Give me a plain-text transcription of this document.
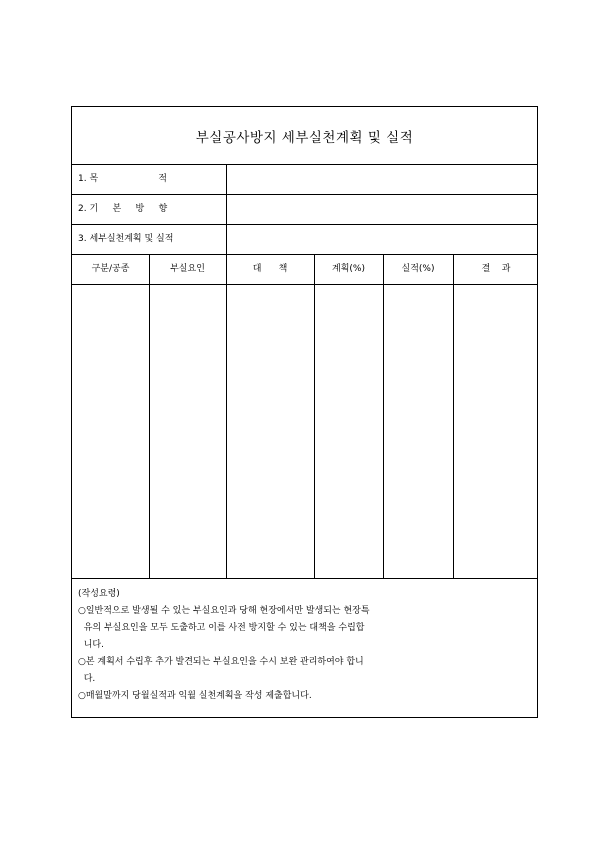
부실공사방지 세부실천계획 및 실적
1. 목                     적
2. 기     본     방     향
3. 세부실천계획 및 실적
구분/공종	부실요인	대      책	계획(%)	실적(%)	결    과
(작성요령)
○일반적으로 발생될 수 있는 부실요인과 당해 현장에서만 발생되는 현장특
유의 부실요인을 모두 도출하고 이를 사전 방지할 수 있는 대책을 수립합
니다.
○본 계획서 수립후 추가 발견되는 부실요인을 수시 보완 관리하여야 합니
다.
○매월말까지 당월실적과 익월 실천계획을 작성 제출합니다.
